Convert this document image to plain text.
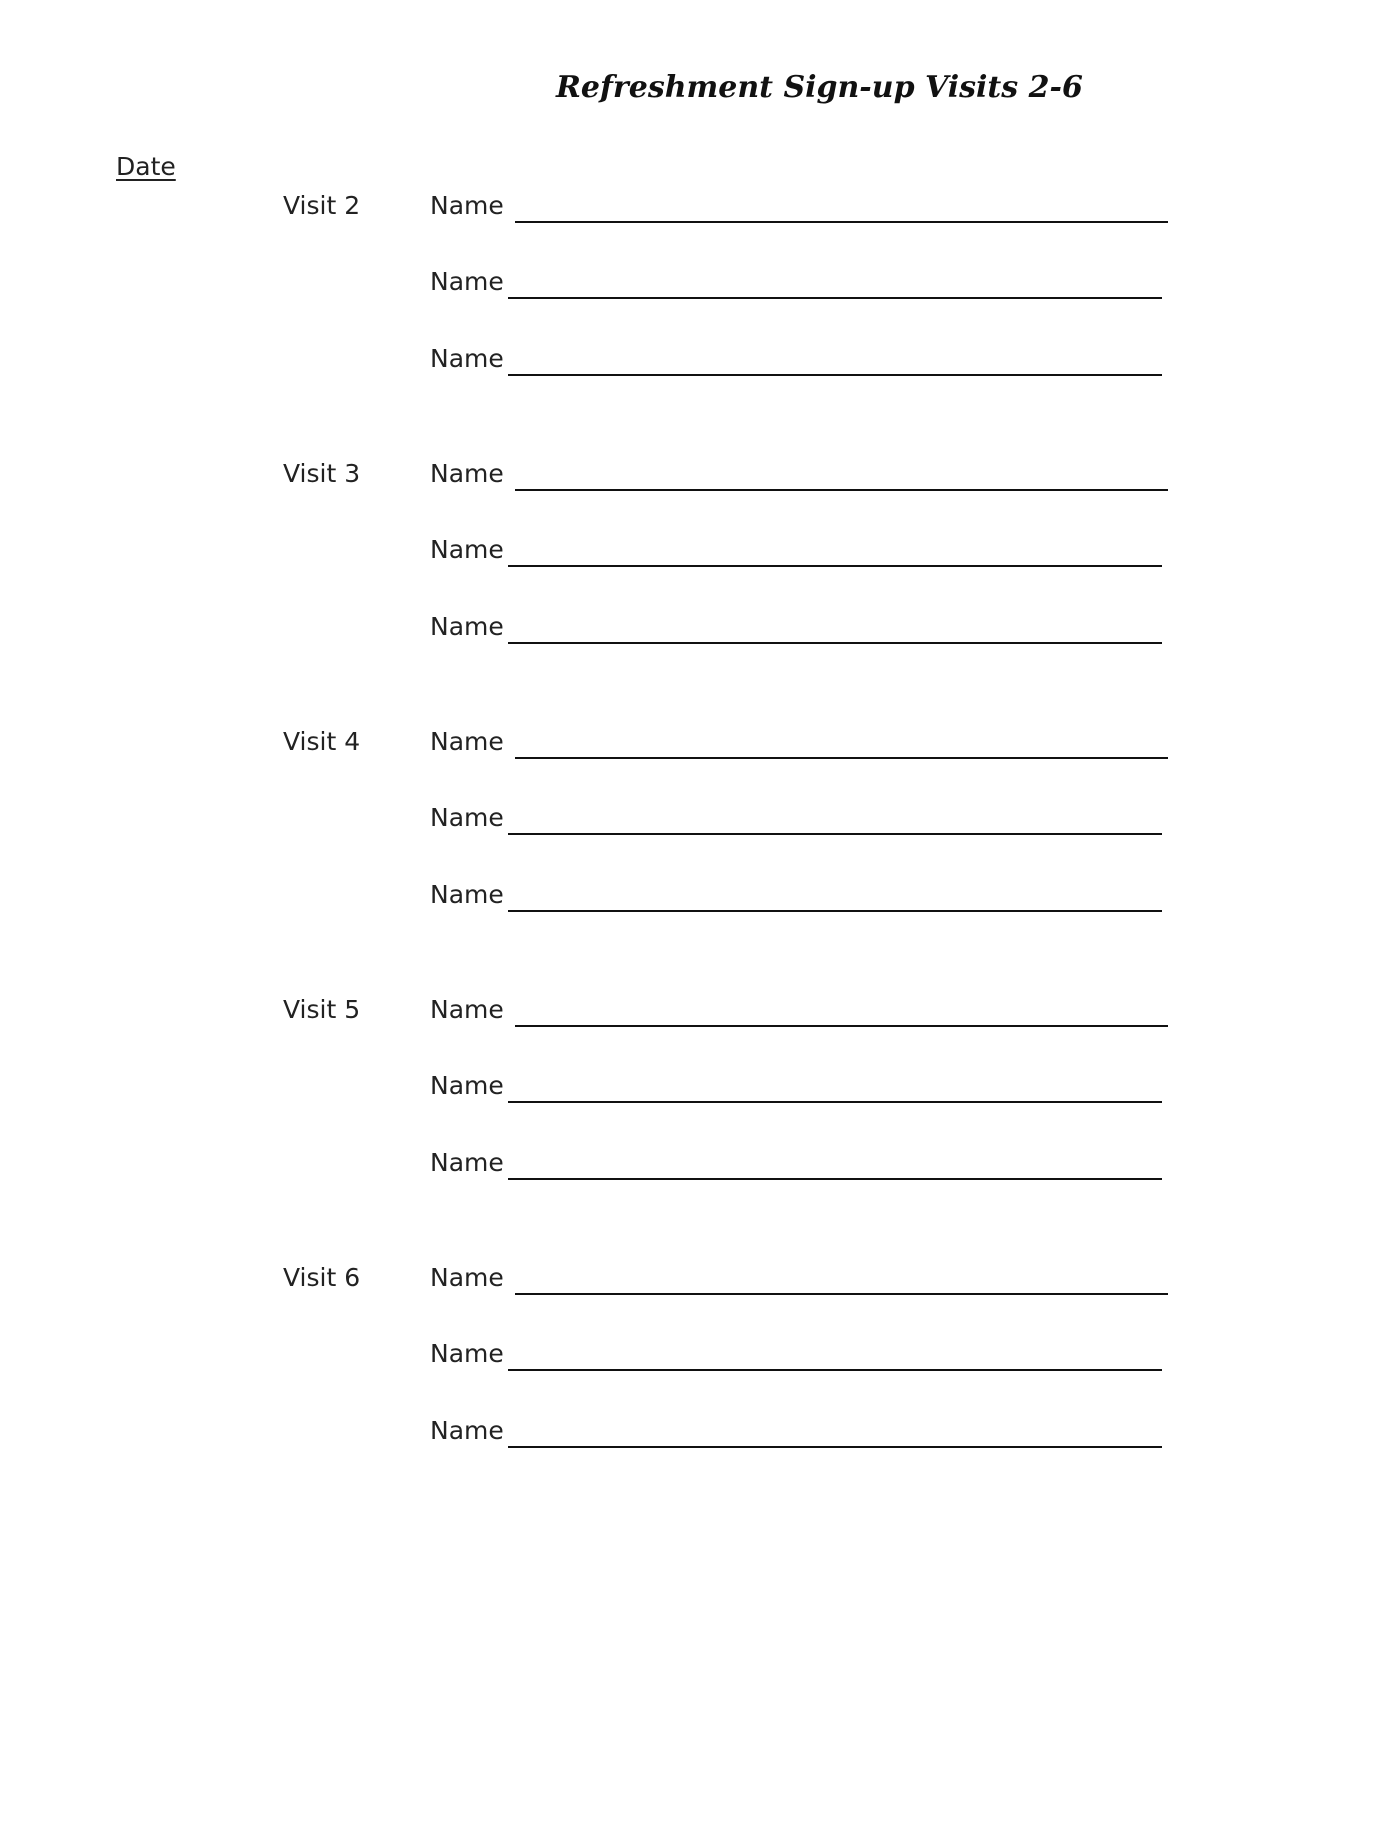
Refreshment Sign-up Visits 2-6
Date
Visit 2	Name
Name
Name
Visit 3	Name
Name
Name
Visit 4	Name
Name
Name
Visit 5	Name
Name
Name
Visit 6	Name
Name
Name
